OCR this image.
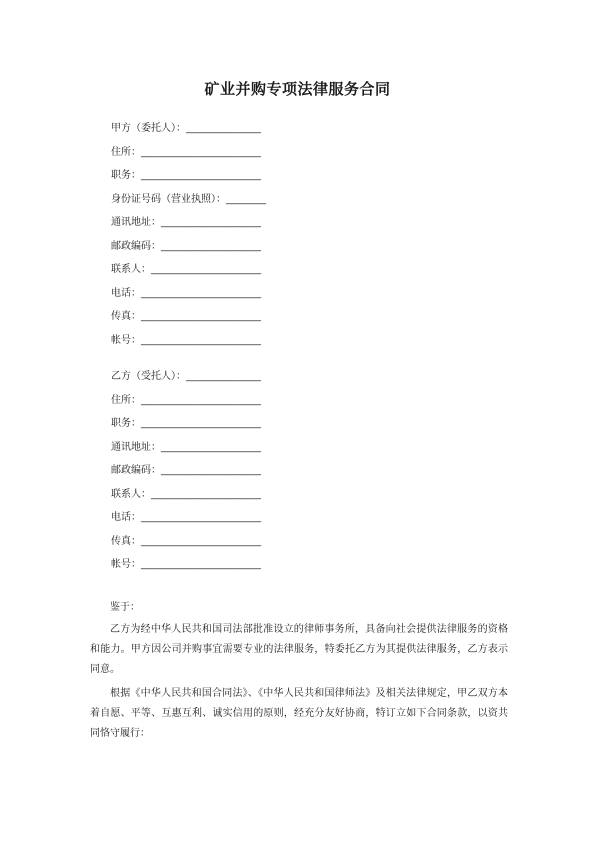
矿业并购专项法律服务合同
甲方（委托人）：_______________
住所：________________________
职务：________________________
身份证号码（营业执照）：________
通讯地址：____________________
邮政编码：____________________
联系人：______________________
电话：________________________
传真：________________________
帐号：________________________
乙方（受托人）：_______________
住所：________________________
职务：________________________
通讯地址：____________________
邮政编码：____________________
联系人：______________________
电话：________________________
传真：________________________
帐号：________________________

鉴于：

乙方为经中华人民共和国司法部批准设立的律师事务所，具备向社会提供法律服务的资格和能力。甲方因公司并购事宜需要专业的法律服务，特委托乙方为其提供法律服务，乙方表示同意。

根据《中华人民共和国合同法》、《中华人民共和国律师法》及相关法律规定，甲乙双方本着自愿、平等、互惠互利、诚实信用的原则，经充分友好协商，特订立如下合同条款，以资共同恪守履行：
